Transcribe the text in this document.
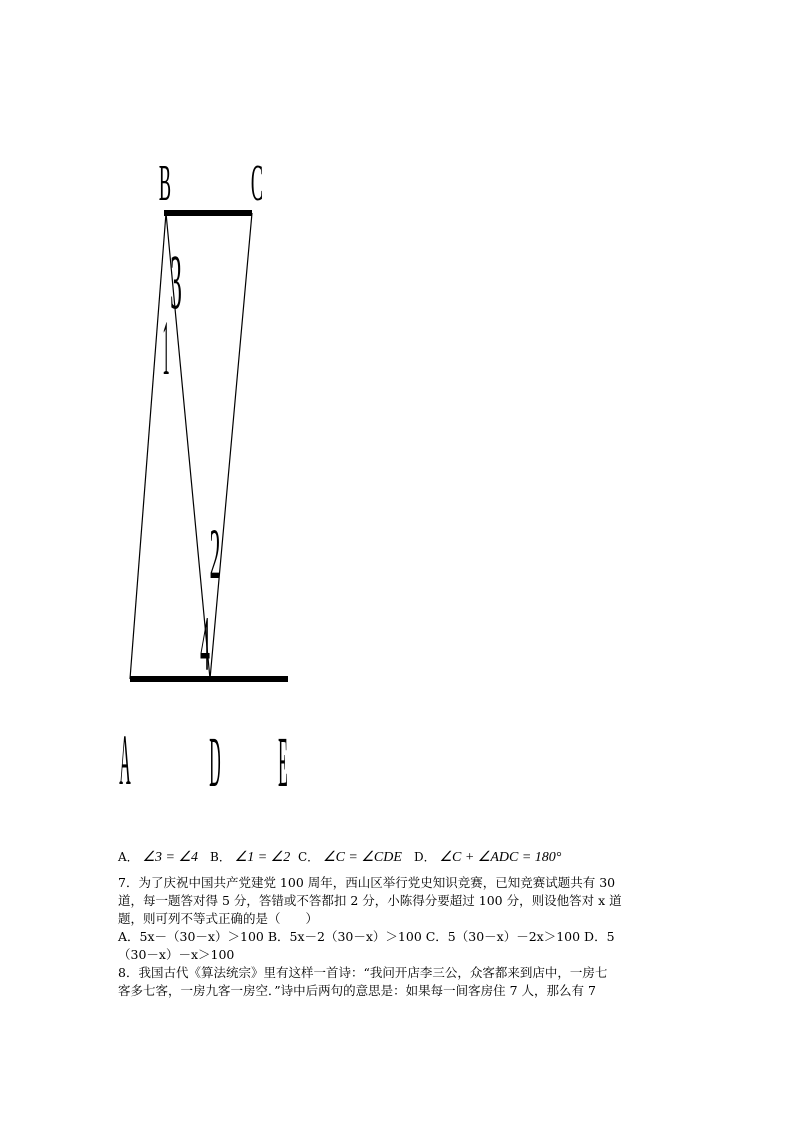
B C
A D E
3
1
2
4
A． ∠3 = ∠4 B． ∠1 = ∠2 C． ∠C = ∠CDE D． ∠C + ∠ADC = 180°
7．为了庆祝中国共产党建党 100 周年，西山区举行党史知识竞赛，已知竞赛试题共有 30
道，每一题答对得 5 分，答错或不答都扣 2 分，小陈得分要超过 100 分，则设他答对 x 道
题，则可列不等式正确的是（　　）
A．5x－（30－x）＞100 B．5x－2（30－x）＞100 C．5（30－x）－2x＞100 D．5
（30－x）－x＞100
8．我国古代《算法统宗》里有这样一首诗：“我问开店李三公，众客都来到店中，一房七
客多七客，一房九客一房空．”诗中后两句的意思是：如果每一间客房住 7 人，那么有 7
